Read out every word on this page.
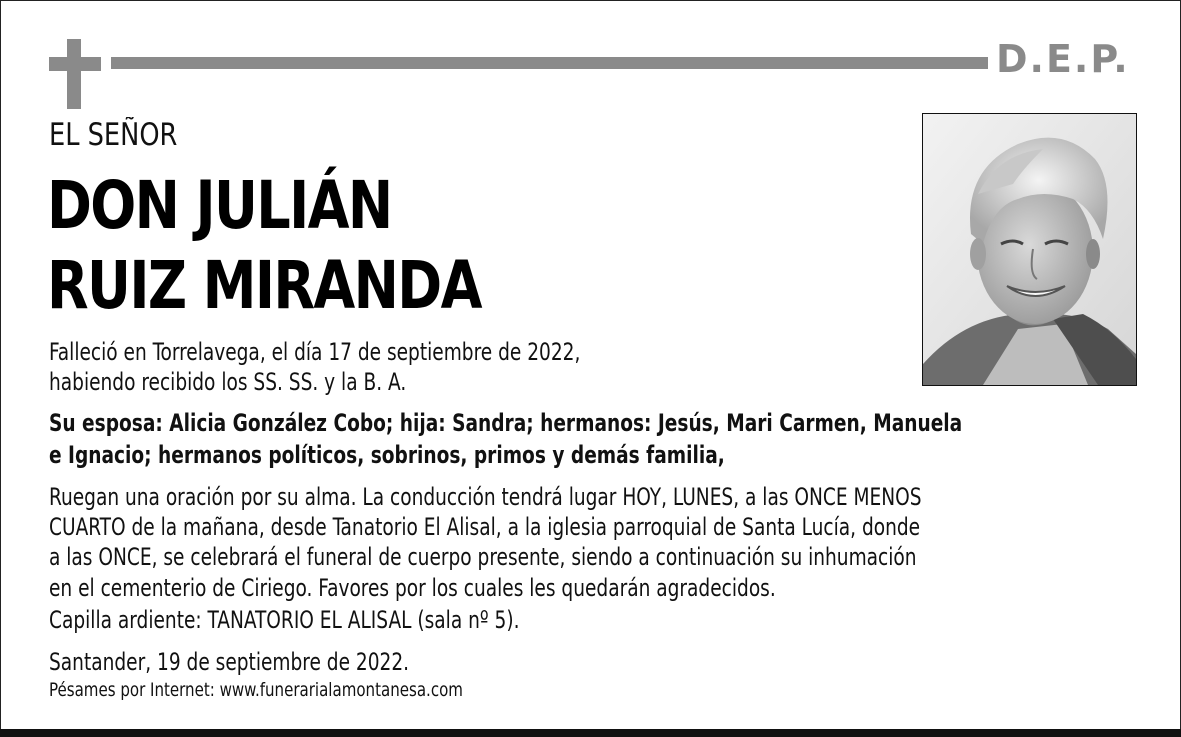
D.E.P.
EL SEÑOR
DON JULIÁN
RUIZ MIRANDA
Falleció en Torrelavega, el día 17 de septiembre de 2022,
habiendo recibido los SS. SS. y la B. A.
Su esposa: Alicia González Cobo; hija: Sandra; hermanos: Jesús, Mari Carmen, Manuela
e Ignacio; hermanos políticos, sobrinos, primos y demás familia,
Ruegan una oración por su alma. La conducción tendrá lugar HOY, LUNES, a las ONCE MENOS
CUARTO de la mañana, desde Tanatorio El Alisal, a la iglesia parroquial de Santa Lucía, donde
a las ONCE, se celebrará el funeral de cuerpo presente, siendo a continuación su inhumación
en el cementerio de Ciriego. Favores por los cuales les quedarán agradecidos.
Capilla ardiente: TANATORIO EL ALISAL (sala nº 5).
Santander, 19 de septiembre de 2022.
Pésames por Internet: www.funerarialamontanesa.com
